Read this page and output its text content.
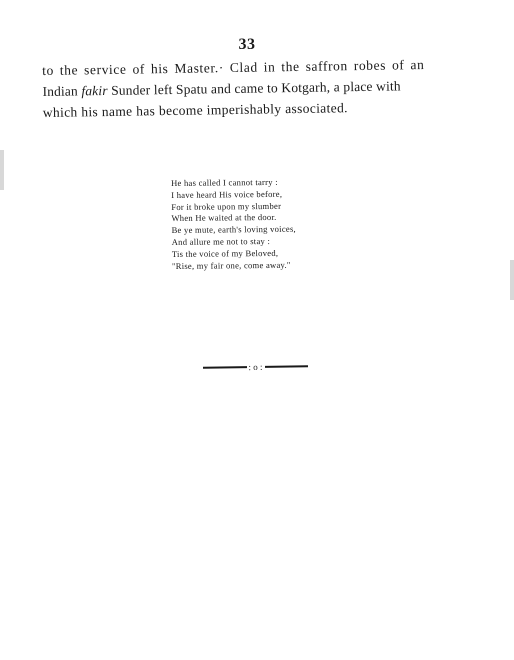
33
to the service of his Master.· Clad in the saffron robes of an
Indian fakir Sunder left Spatu and came to Kotgarh, a place with
which his name has become imperishably associated.
He has called I cannot tarry :
I have heard His voice before,
For it broke upon my slumber
When He waited at the door.
Be ye mute, earth's loving voices,
And allure me not to stay :
Tis the voice of my Beloved,
"Rise, my fair one, come away."
: o :
